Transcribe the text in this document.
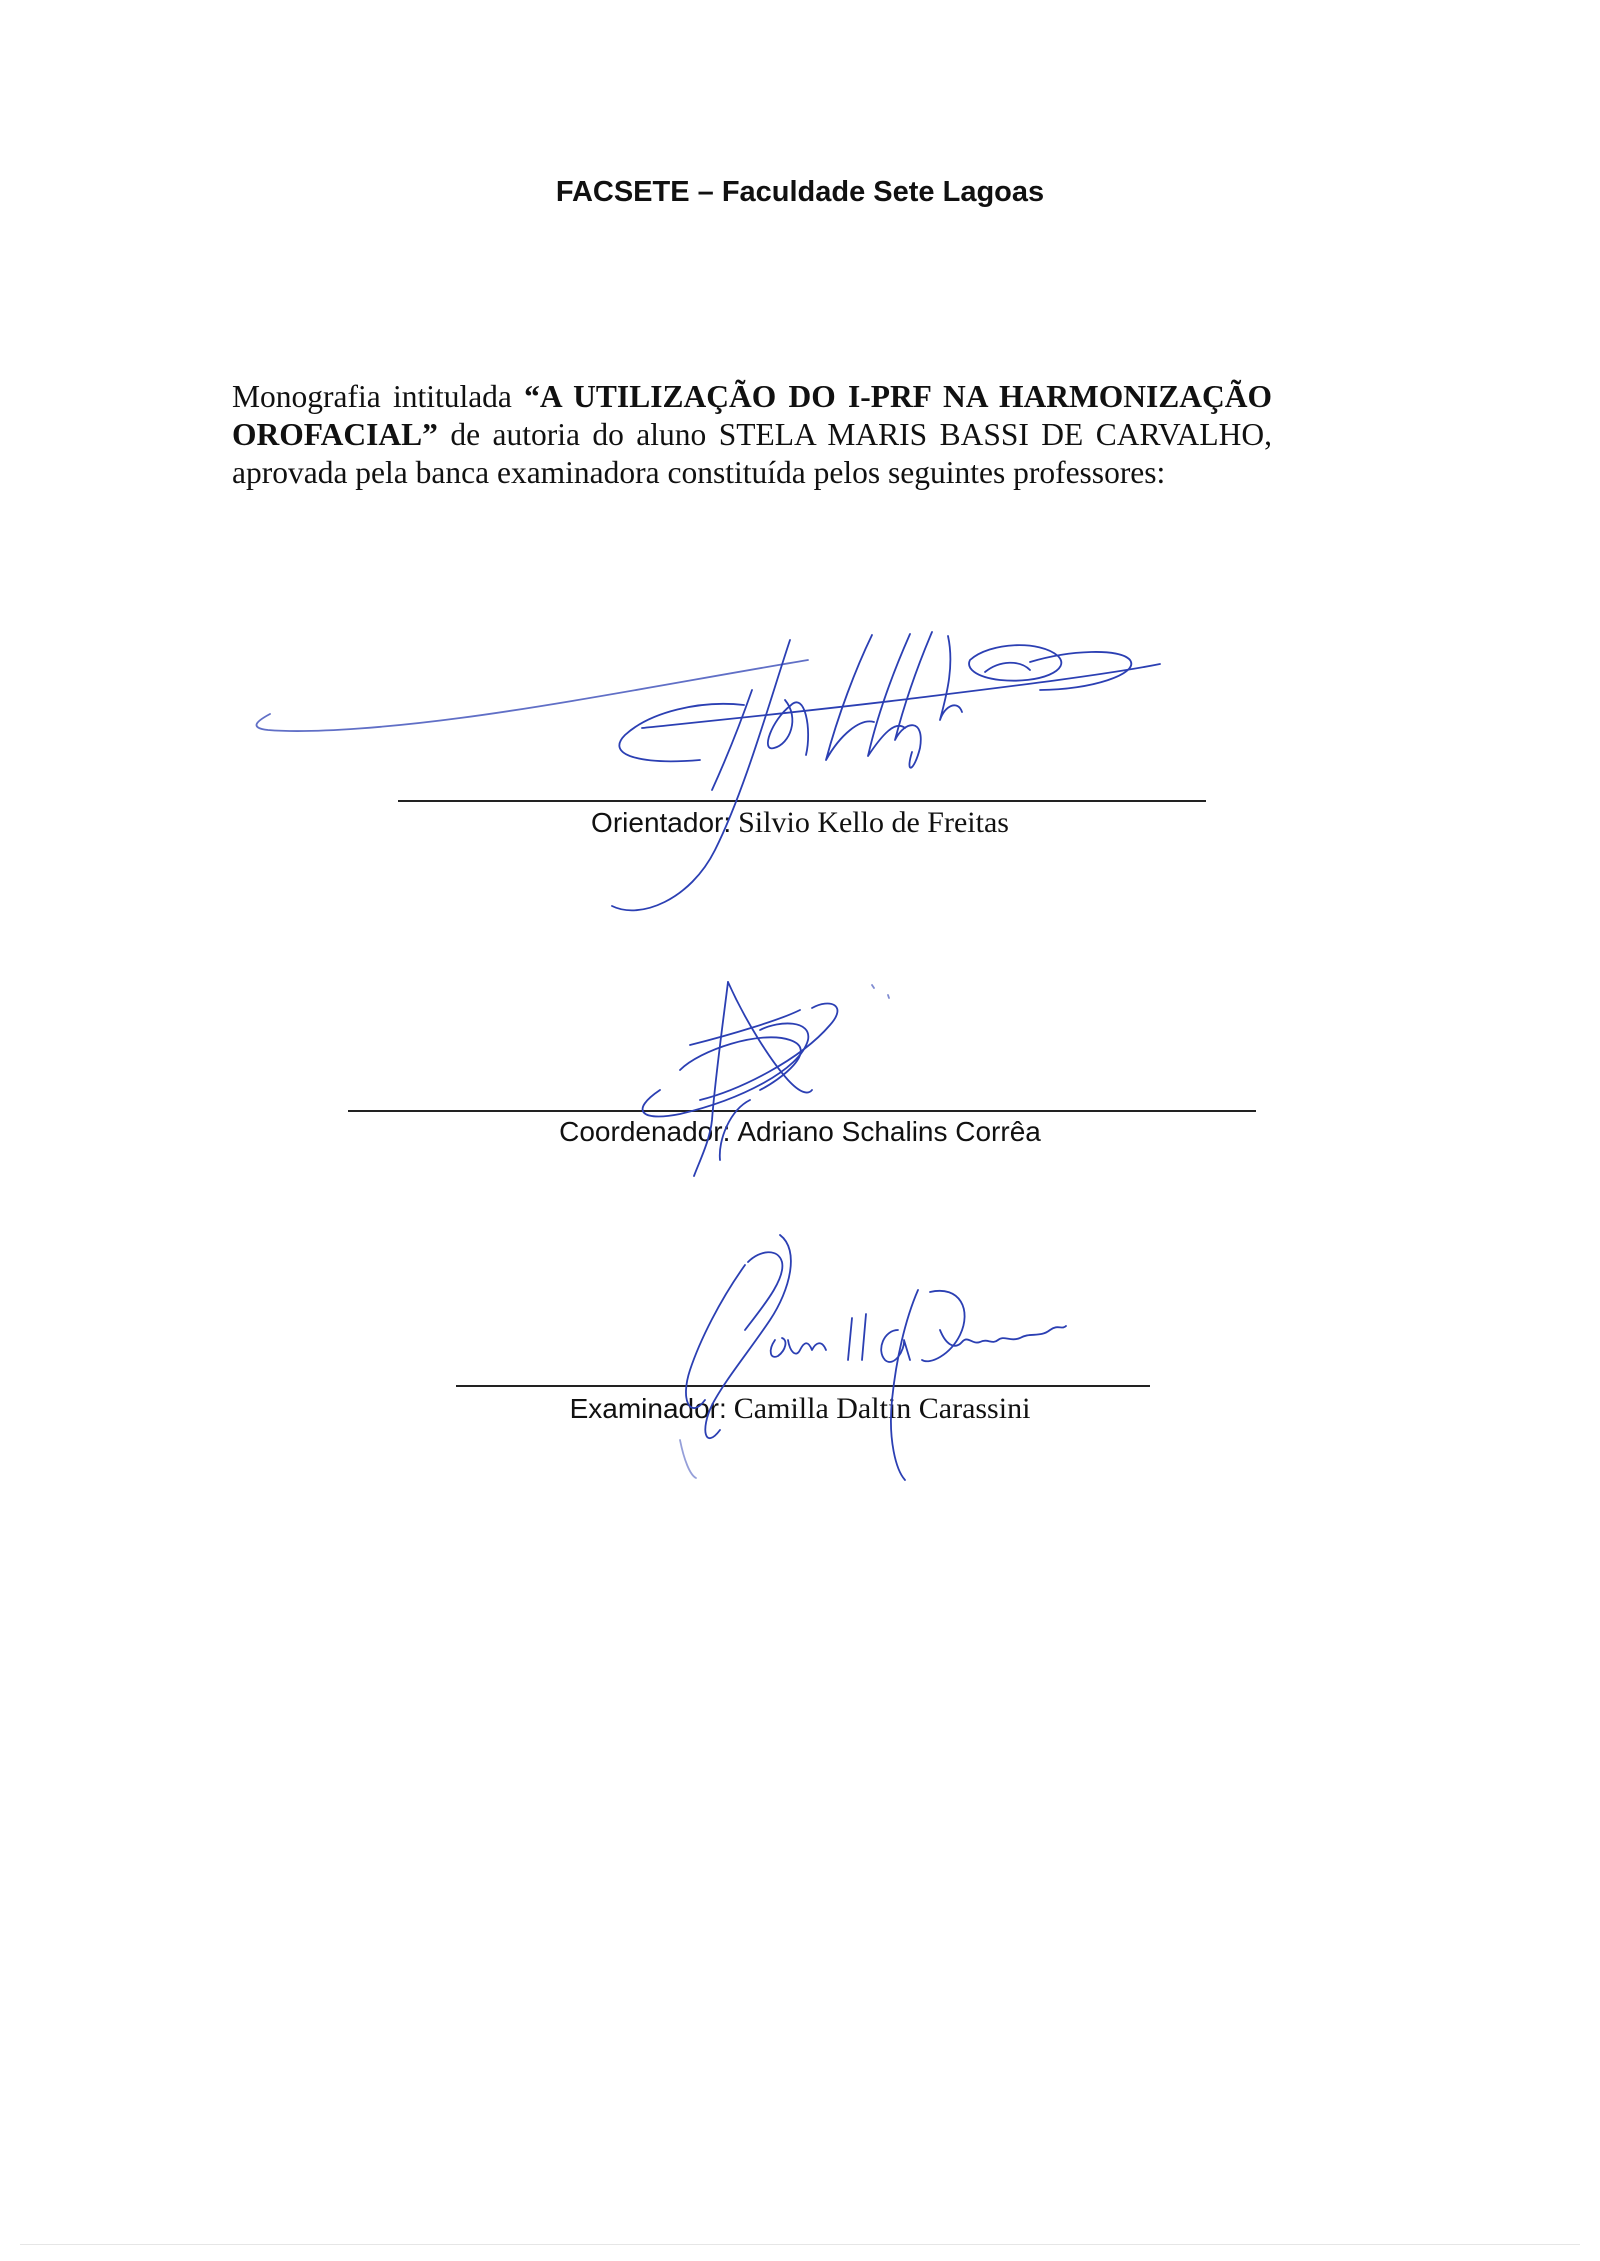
FACSETE – Faculdade Sete Lagoas
Monografia intitulada “A UTILIZAÇÃO DO I-PRF NA HARMONIZAÇÃO OROFACIAL” de autoria do aluno STELA MARIS BASSI DE CARVALHO, aprovada pela banca examinadora constituída pelos seguintes professores:
Orientador: Silvio Kello de Freitas
Coordenador: Adriano Schalins Corrêa
Examinador: Camilla Daltin Carassini
